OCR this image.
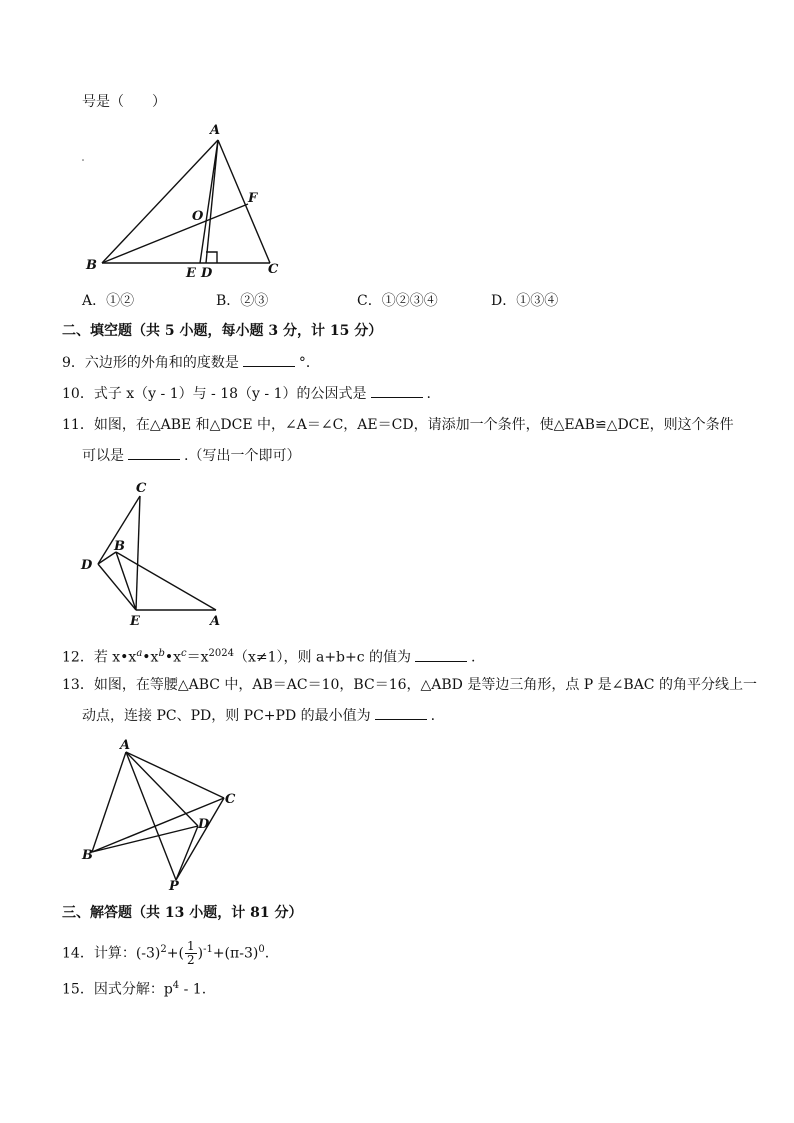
号是（　　）
A
B	C
O
F
E D
A．①②	B．②③	C．①②③④	D．①③④
二、填空题（共 5 小题，每小题 3 分，计 15 分）
9．六边形的外角和的度数是	°．
10．式子 x（y - 1）与 - 18（y - 1）的公因式是	.
11．如图，在△ABE 和△DCE 中，∠A＝∠C，AE＝CD，请添加一个条件，使△EAB≌△DCE，则这个条件
可以是	.（写出一个即可）
C
B
D
E	A
12．若 $x•x^a•x^b•x^c=x^{2024}(x\ne 1)$，则 a+b+c 的值为	.
13．如图，在等腰△ABC 中，AB＝AC＝10，BC＝16，△ABD 是等边三角形，点 P 是∠BAC 的角平分线上一
动点，连接 PC、PD，则 PC+PD 的最小值为	.
A
C
D
B
P
三、解答题（共 13 小题，计 81 分）
14．计算：$(-3)^2+( \frac{1}{2} )^{-1}+(\pi-3)^0$.
15．因式分解：$p^4 - 1$.
